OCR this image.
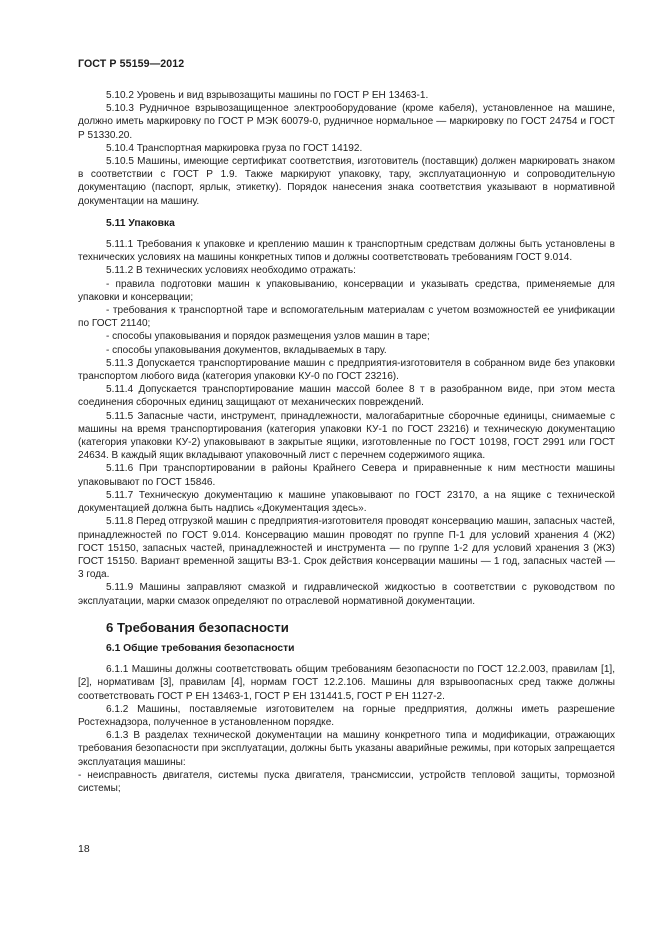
ГОСТ Р 55159—2012

5.10.2 Уровень и вид взрывозащиты машины по ГОСТ Р ЕН 13463-1.

5.10.3 Рудничное взрывозащищенное электрооборудование (кроме кабеля), установленное на машине, должно иметь маркировку по ГОСТ Р МЭК 60079-0, рудничное нормальное — маркировку по ГОСТ 24754 и ГОСТ Р 51330.20.

5.10.4 Транспортная маркировка груза по ГОСТ 14192.

5.10.5 Машины, имеющие сертификат соответствия, изготовитель (поставщик) должен маркировать знаком в соответствии с ГОСТ Р 1.9. Также маркируют упаковку, тару, эксплуатационную и сопроводительную документацию (паспорт, ярлык, этикетку). Порядок нанесения знака соответствия указывают в нормативной документации на машину.

5.11 Упаковка

5.11.1 Требования к упаковке и креплению машин к транспортным средствам должны быть установлены в технических условиях на машины конкретных типов и должны соответствовать требованиям ГОСТ 9.014.

5.11.2 В технических условиях необходимо отражать:

- правила подготовки машин к упаковыванию, консервации и указывать средства, применяемые для упаковки и консервации;

- требования к транспортной таре и вспомогательным материалам с учетом возможностей ее унификации по ГОСТ 21140;

- способы упаковывания и порядок размещения узлов машин в таре;

- способы упаковывания документов, вкладываемых в тару.

5.11.3 Допускается транспортирование машин с предприятия-изготовителя в собранном виде без упаковки транспортом любого вида (категория упаковки КУ-0 по ГОСТ 23216).

5.11.4 Допускается транспортирование машин массой более 8 т в разобранном виде, при этом места соединения сборочных единиц защищают от механических повреждений.

5.11.5 Запасные части, инструмент, принадлежности, малогабаритные сборочные единицы, снимаемые с машины на время транспортирования (категория упаковки КУ-1 по ГОСТ 23216) и техническую документацию (категория упаковки КУ-2) упаковывают в закрытые ящики, изготовленные по ГОСТ 10198, ГОСТ 2991 или ГОСТ 24634. В каждый ящик вкладывают упаковочный лист с перечнем содержимого ящика.

5.11.6 При транспортировании в районы Крайнего Севера и приравненные к ним местности машины упаковывают по ГОСТ 15846.

5.11.7 Техническую документацию к машине упаковывают по ГОСТ 23170, а на ящике с технической документацией должна быть надпись «Документация здесь».

5.11.8 Перед отгрузкой машин с предприятия-изготовителя проводят консервацию машин, запасных частей, принадлежностей по ГОСТ 9.014. Консервацию машин проводят по группе П-1 для условий хранения 4 (Ж2) ГОСТ 15150, запасных частей, принадлежностей и инструмента — по группе 1-2 для условий хранения 3 (ЖЗ) ГОСТ 15150. Вариант временной защиты ВЗ-1. Срок действия консервации машины — 1 год, запасных частей — 3 года.

5.11.9 Машины заправляют смазкой и гидравлической жидкостью в соответствии с руководством по эксплуатации, марки смазок определяют по отраслевой нормативной документации.

6 Требования безопасности
6.1 Общие требования безопасности

6.1.1 Машины должны соответствовать общим требованиям безопасности по ГОСТ 12.2.003, правилам [1], [2], нормативам [3], правилам [4], нормам ГОСТ 12.2.106. Машины для взрывоопасных сред также должны соответствовать ГОСТ Р ЕН 13463-1, ГОСТ Р ЕН 131441.5, ГОСТ Р ЕН 1127-2.

6.1.2 Машины, поставляемые изготовителем на горные предприятия, должны иметь разрешение Ростехнадзора, полученное в установленном порядке.

6.1.3 В разделах технической документации на машину конкретного типа и модификации, отражающих требования безопасности при эксплуатации, должны быть указаны аварийные режимы, при которых запрещается эксплуатация машины:

- неисправность двигателя, системы пуска двигателя, трансмиссии, устройств тепловой защиты, тормозной системы;

18
